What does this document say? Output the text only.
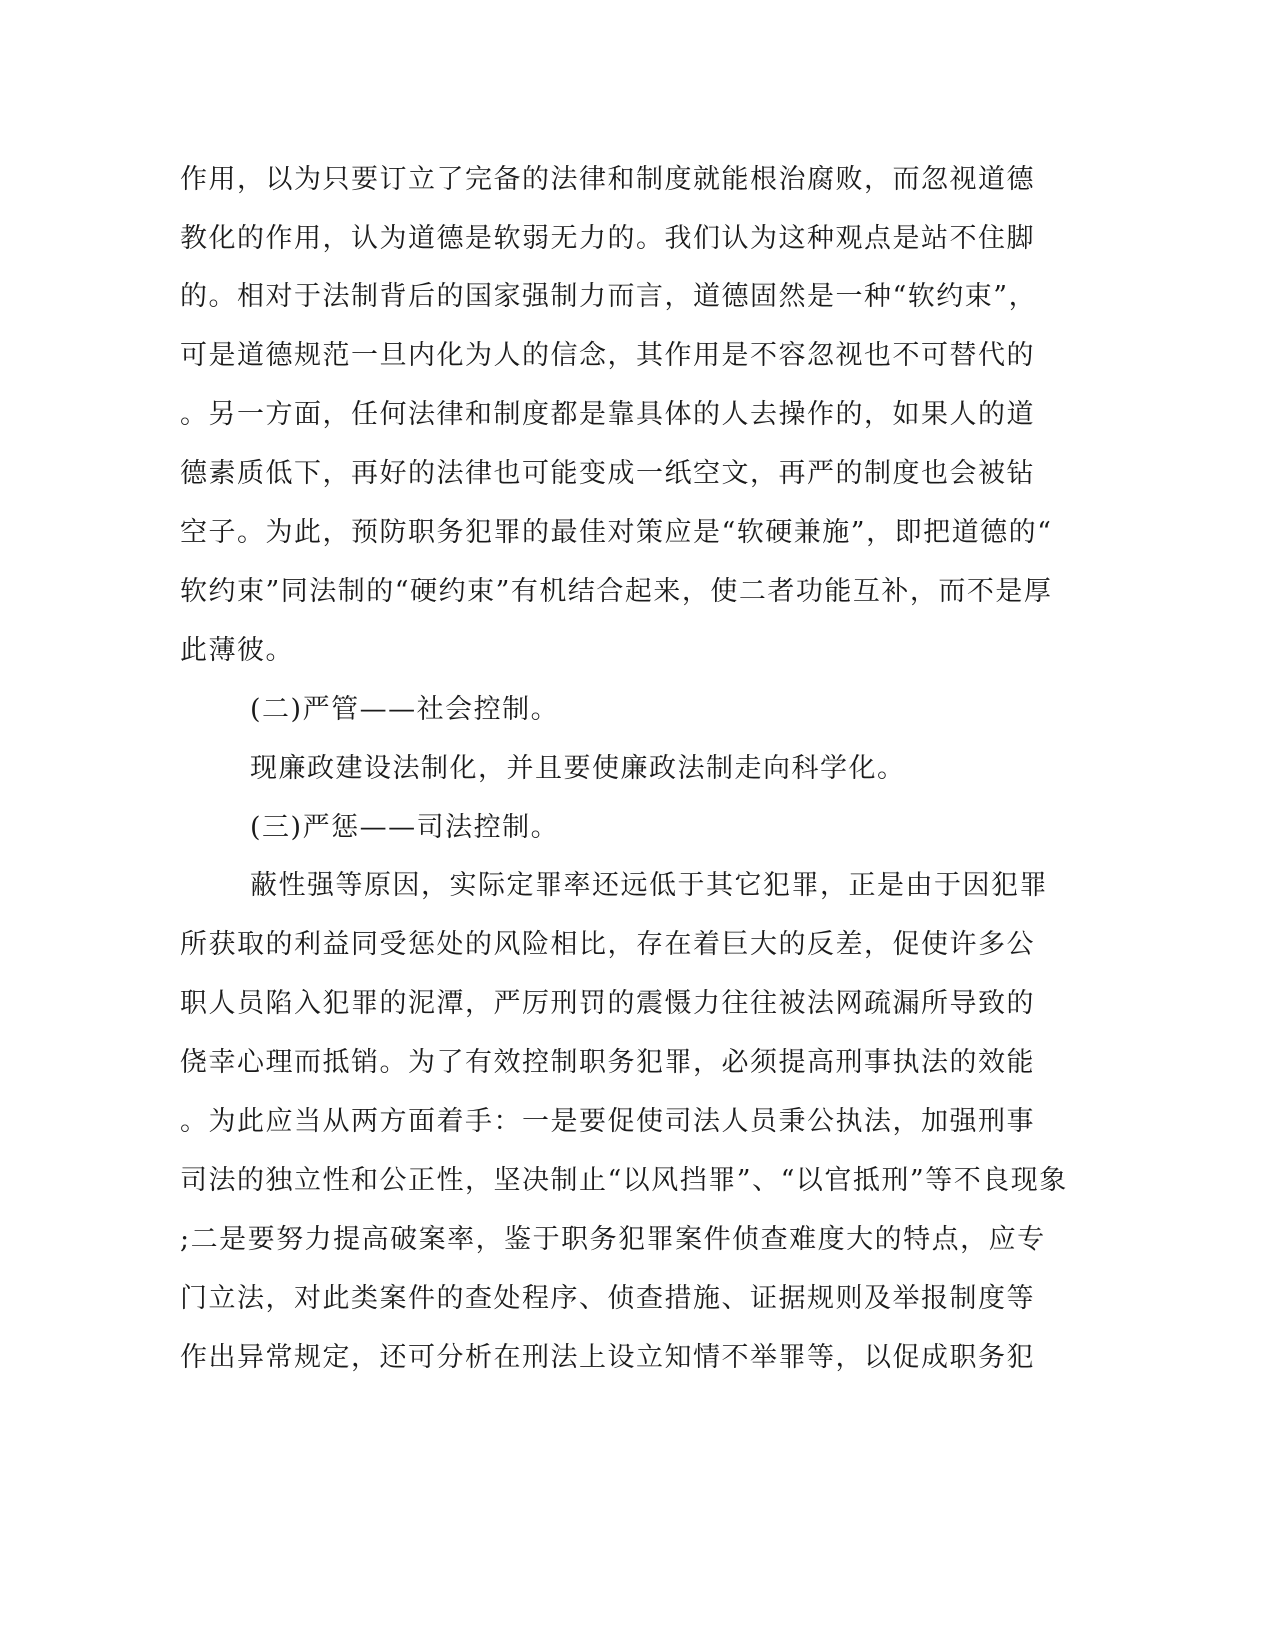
作用，以为只要订立了完备的法律和制度就能根治腐败，而忽视道德
教化的作用，认为道德是软弱无力的。我们认为这种观点是站不住脚
的。相对于法制背后的国家强制力而言，道德固然是一种“软约束”，
可是道德规范一旦内化为人的信念，其作用是不容忽视也不可替代的
。另一方面，任何法律和制度都是靠具体的人去操作的，如果人的道
德素质低下，再好的法律也可能变成一纸空文，再严的制度也会被钻
空子。为此，预防职务犯罪的最佳对策应是“软硬兼施”，即把道德的“
软约束”同法制的“硬约束”有机结合起来，使二者功能互补，而不是厚
此薄彼。
(二)严管——社会控制。
现廉政建设法制化，并且要使廉政法制走向科学化。
(三)严惩——司法控制。
蔽性强等原因，实际定罪率还远低于其它犯罪，正是由于因犯罪
所获取的利益同受惩处的风险相比，存在着巨大的反差，促使许多公
职人员陷入犯罪的泥潭，严厉刑罚的震慑力往往被法网疏漏所导致的
侥幸心理而抵销。为了有效控制职务犯罪，必须提高刑事执法的效能
。为此应当从两方面着手：一是要促使司法人员秉公执法，加强刑事
司法的独立性和公正性，坚决制止“以风挡罪”、“以官抵刑”等不良现象
;二是要努力提高破案率，鉴于职务犯罪案件侦查难度大的特点，应专
门立法，对此类案件的查处程序、侦查措施、证据规则及举报制度等
作出异常规定，还可分析在刑法上设立知情不举罪等，以促成职务犯
